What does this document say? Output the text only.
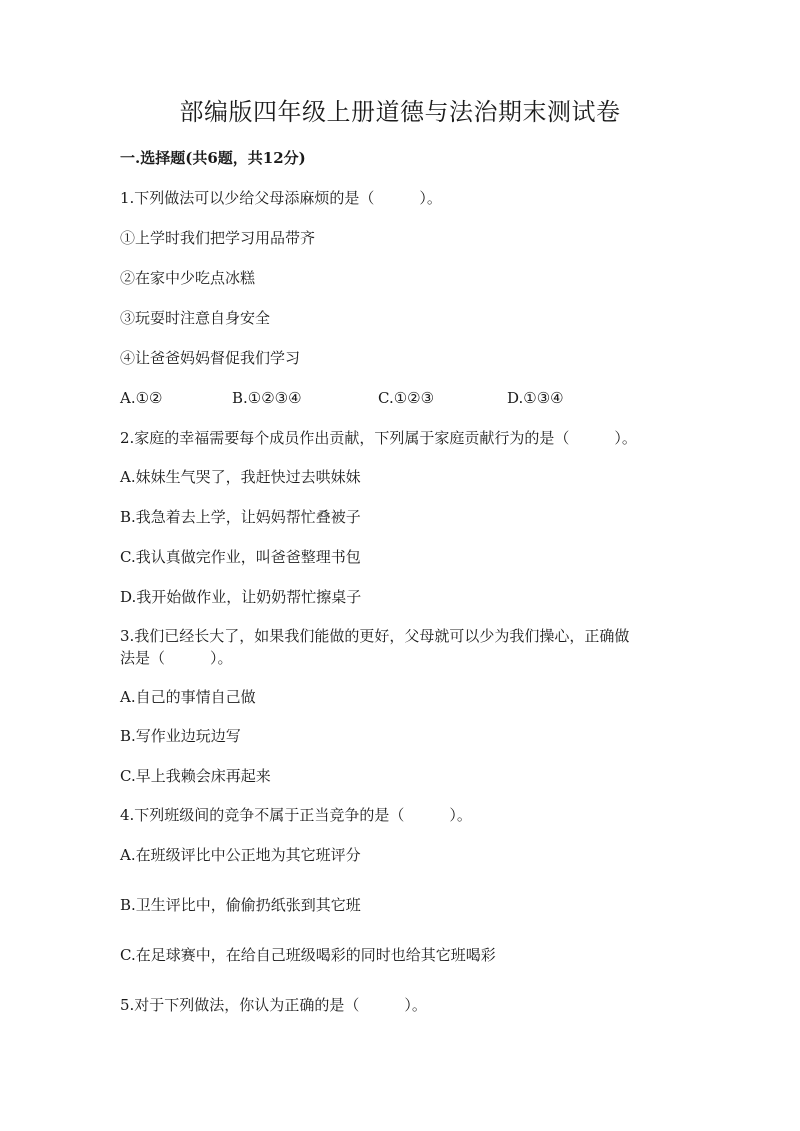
部编版四年级上册道德与法治期末测试卷
一.选择题(共6题，共12分)
1.下列做法可以少给父母添麻烦的是（　　　）。
①上学时我们把学习用品带齐
②在家中少吃点冰糕
③玩耍时注意自身安全
④让爸爸妈妈督促我们学习
A.①②	B.①②③④	C.①②③	D.①③④
2.家庭的幸福需要每个成员作出贡献，下列属于家庭贡献行为的是（　　　）。
A.妹妹生气哭了，我赶快过去哄妹妹
B.我急着去上学，让妈妈帮忙叠被子
C.我认真做完作业，叫爸爸整理书包
D.我开始做作业，让奶奶帮忙擦桌子
3.我们已经长大了，如果我们能做的更好，父母就可以少为我们操心，正确做
法是（　　　）。
A.自己的事情自己做
B.写作业边玩边写
C.早上我赖会床再起来
4.下列班级间的竞争不属于正当竞争的是（　　　）。
A.在班级评比中公正地为其它班评分
B.卫生评比中，偷偷扔纸张到其它班
C.在足球赛中，在给自己班级喝彩的同时也给其它班喝彩
5.对于下列做法，你认为正确的是（　　　）。
